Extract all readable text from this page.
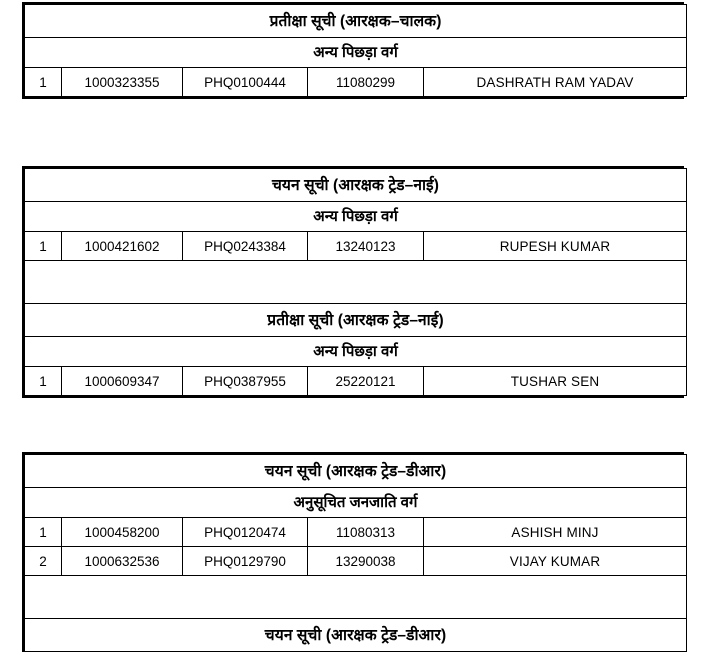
प्रतीक्षा सूची (आरक्षक–चालक)

अन्य पिछड़ा वर्ग

1	1000323355	PHQ0100444	11080299	DASHRATH RAM YADAV
चयन सूची (आरक्षक ट्रेड–नाई)				

अन्य पिछड़ा वर्ग				

1	1000421602	PHQ0243384	13240123	RUPESH KUMAR

प्रतीक्षा सूची (आरक्षक ट्रेड–नाई)				

अन्य पिछड़ा वर्ग				

1	1000609347	PHQ0387955	25220121	TUSHAR SEN
चयन सूची (आरक्षक ट्रेड–डीआर)				

अनुसूचित जनजाति वर्ग				

1	1000458200	PHQ0120474	11080313	ASHISH MINJ
2	1000632536	PHQ0129790	13290038	VIJAY KUMAR

चयन सूची (आरक्षक ट्रेड–डीआर)				
